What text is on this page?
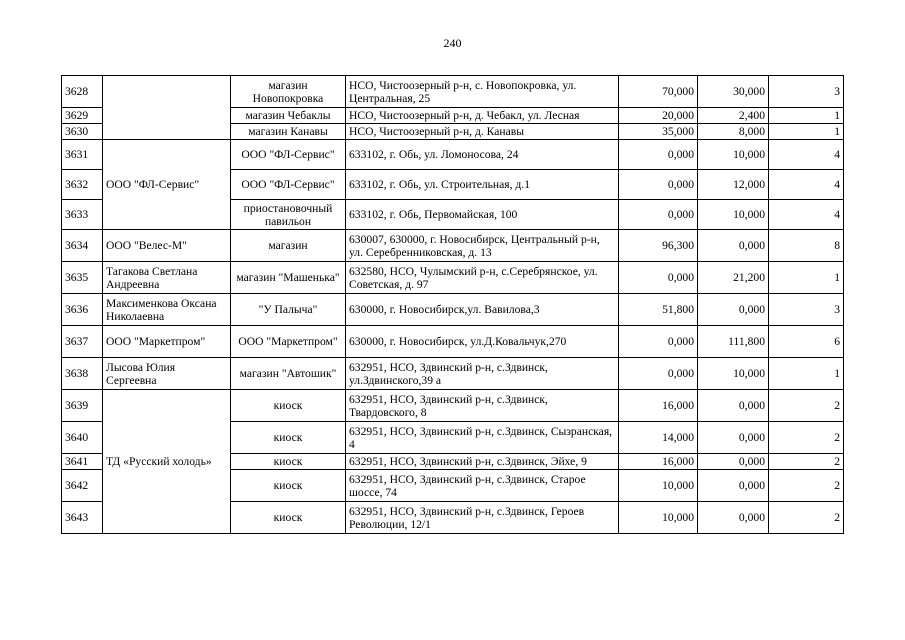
240
3628		магазин Новопокровка	НСО, Чистоозерный р-н, с. Новопокровка, ул. Центральная, 25	70,000	30,000	3
3629		магазин Чебаклы	НСО, Чистоозерный р-н, д. Чебакл, ул. Лесная	20,000	2,400	1
3630		магазин Канавы	НСО, Чистоозерный р-н, д. Канавы	35,000	8,000	1
3631	ООО "ФЛ-Сервис"	ООО "ФЛ-Сервис"	633102, г. Обь, ул. Ломоносова, 24	0,000	10,000	4
3632		ООО "ФЛ-Сервис"	633102, г. Обь, ул. Строительная, д.1	0,000	12,000	4
3633		приостановочный павильон	633102, г. Обь, Первомайская, 100	0,000	10,000	4
3634	ООО "Велес-М"	магазин	630007, 630000, г. Новосибирск, Центральный р-н, ул. Серебренниковская, д. 13	96,300	0,000	8
3635	Тагакова Светлана Андреевна	магазин "Машенька"	632580, НСО, Чулымский р-н, с.Серебрянское, ул. Советская, д. 97	0,000	21,200	1
3636	Максименкова Оксана Николаевна	"У Палыча"	630000, г. Новосибирск,ул. Вавилова,3	51,800	0,000	3
3637	ООО "Маркетпром"	ООО "Маркетпром"	630000, г. Новосибирск, ул.Д.Ковальчук,270	0,000	111,800	6
3638	Лысова Юлия Сергеевна	магазин "Автошик"	632951, НСО, Здвинский р-н, с.Здвинск, ул.Здвинского,39 а	0,000	10,000	1
3639	ТД «Русский холодь»	киоск	632951, НСО, Здвинский р-н, с.Здвинск, Твардовского, 8	16,000	0,000	2
3640		киоск	632951, НСО, Здвинский р-н, с.Здвинск, Сызранская, 4	14,000	0,000	2
3641		киоск	632951, НСО, Здвинский р-н, с.Здвинск, Эйхе, 9	16,000	0,000	2
3642		киоск	632951, НСО, Здвинский р-н, с.Здвинск, Старое шоссе, 74	10,000	0,000	2
3643		киоск	632951, НСО, Здвинский р-н, с.Здвинск, Героев Революции, 12/1	10,000	0,000	2
